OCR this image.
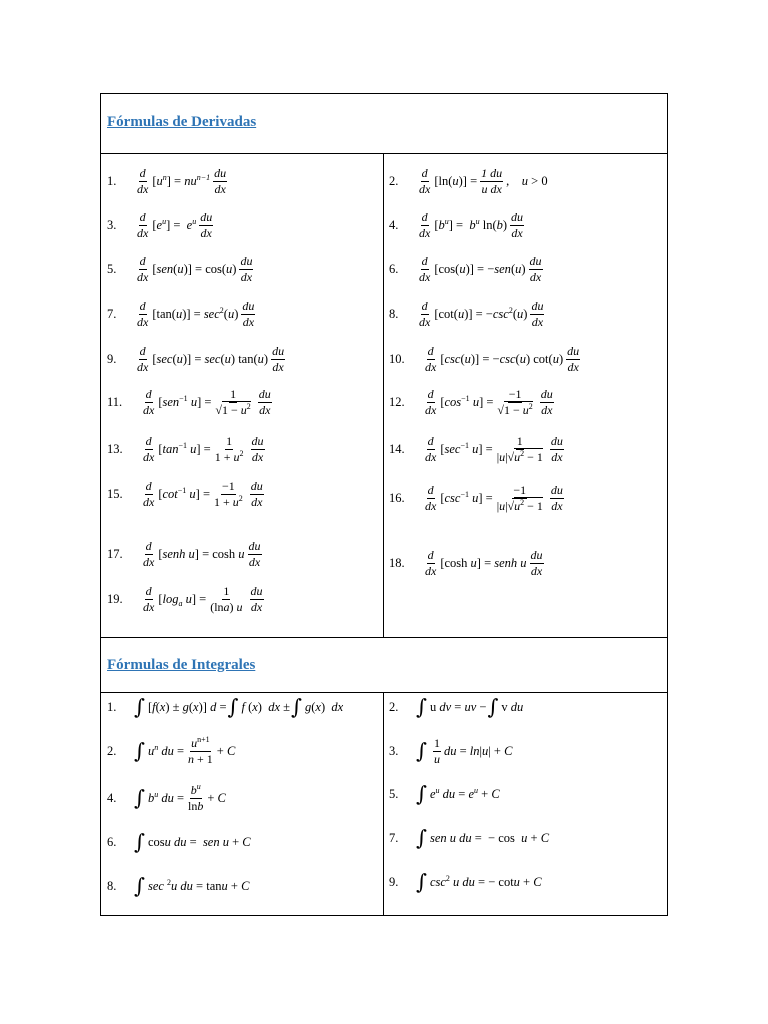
Fórmulas de Derivadas
Fórmulas de Integrales
1.	$\frac{d}{dx} [u^n] = nu^{n-1} \frac{du}{dx}$	2.	$\frac{d}{dx} [\ln(u)] = \frac{1 du}{\text{u dx}}$ ,    u > 0
3.	$\frac{d}{dx} [e^u] = e^u \frac{du}{dx}$	4.	$\frac{d}{dx} [b^u] = b^u$ $\ln(b) \frac{du}{dx}$
5.	$\frac{d}{dx} [sen(u)] = \cos(u) \frac{du}{dx}$	6.	$\frac{d}{dx} [\cos(u)] = -sen(u) \frac{du}{dx}$
7.	$\frac{d}{dx} [\tan(u)] = \sec^2(u) \frac{du}{dx}$	8.	$\frac{d}{dx} [\cot(u)] = -\csc^2(u) \frac{du}{dx}$
9.	$\frac{d}{dx} [\sec(u)] = \sec(u)$ $\tan(u) \frac{du}{dx}$	10.	$\frac{d}{dx} [\csc(u)] = -\csc(u)$ $\cot(u) \frac{du}{dx}$
11.	$\frac{d}{dx} [sen^{-1}$ $u] = \frac{1}{√1 - u^2} \frac{du}{dx}$	12.	$\frac{d}{dx} [\cos^{-1}$ $u] = \frac{-1}{√1 - u^2} \frac{du}{dx}$
13.	$\frac{d}{dx} [\tan^{-1}$ $u] = \frac{1}{1 + u^2} \frac{du}{dx}$	14.	$\frac{d}{dx} [\sec^{-1}$ $u] = \frac{1}{|u|√u^2 - 1} \frac{du}{dx}$
15.	$\frac{d}{dx} [\cot^{-1}$ $u] = \frac{-1}{1 + u^2} \frac{du}{dx}$	16.	$\frac{d}{dx} [\csc^{-1}$ $u] = \frac{-1}{|u|√u^2 - 1} \frac{du}{dx}$
17.	$\frac{d}{dx}$ [senh u] = cosh u $\frac{du}{dx}$	18.	$\frac{d}{dx} [\cosh$ u] = senh u $\frac{du}{dx}$
19.	$\frac{d}{dx} [\log_a$ $u] = \frac{1}{(\ln a) u} \frac{du}{dx}$
1. ∫ [f(x) ± g(x)] d = ∫ f (x)  dx ± ∫ g(x)  dx	2. ∫ u dv = uv − ∫ v du
2. ∫ $u^n$ du = $\frac{u^{n+1}}{n + 1} + C$	3. ∫ $\frac{1}{u}$ du = ln|u| + C
4. ∫ $b^u$ du = $\frac{b^u}{\ln b} + C$	5. ∫ $e^u$ du = $e^u + C$
6. ∫ cosu du =  sen u + C	7. ∫ sen u du =  − cos  u + C
8. ∫ sec $^2$u du = tanu + C	9. ∫ $\csc^2 u$ du = − cotu + C
